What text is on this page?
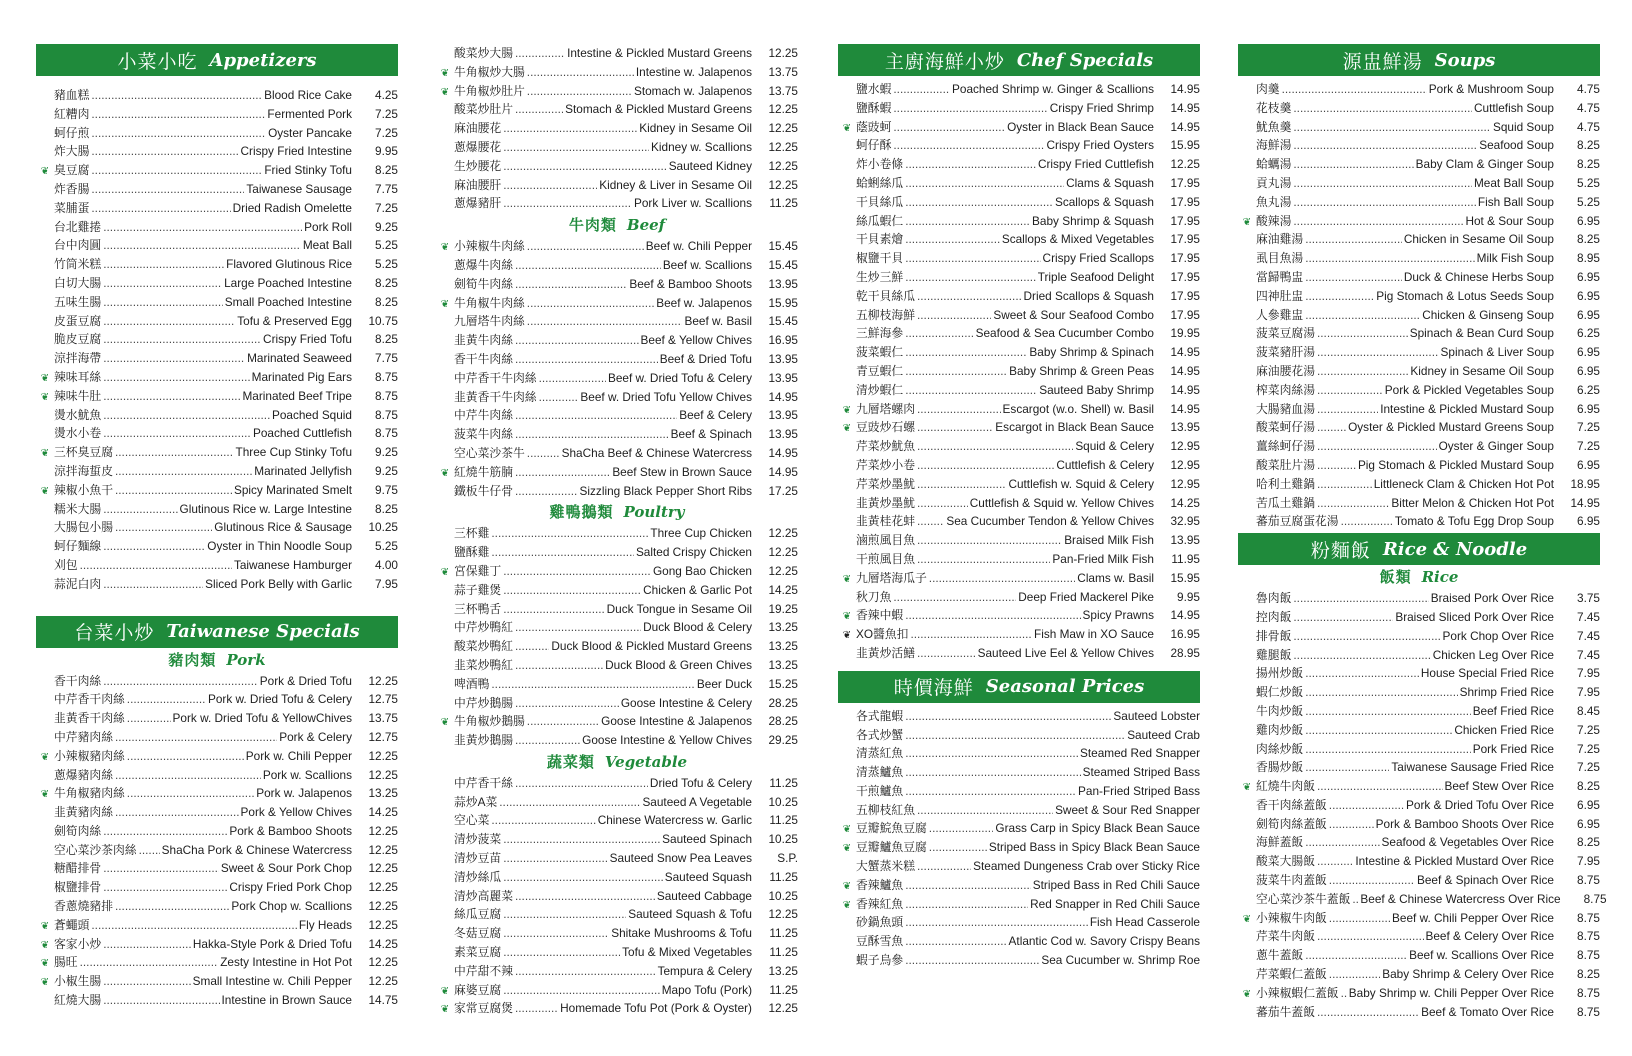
小菜小吃 Appetizers
豬血糕 .....	Blood Rice Cake	4.25
紅糟肉 .....	Fermented Pork	7.25
蚵仔煎 .....	Oyster Pancake	7.25
炸大腸 .....	Crispy Fried Intestine	9.95
❦ 臭豆腐 .....	Fried Stinky Tofu	8.25
炸香腸 .....	Taiwanese Sausage	7.75
菜脯蛋 .....	Dried Radish Omelette	7.25
台北雞捲 .....	Pork Roll	9.25
台中肉圓 .....	Meat Ball	5.25
竹筒米糕 .....	Flavored Glutinous Rice	5.25
白切大腸 .....	Large Poached Intestine	8.25
五味生腸 .....	Small Poached Intestine	8.25
皮蛋豆腐 .....	Tofu & Preserved Egg	10.75
脆皮豆腐 .....	Crispy Fried Tofu	8.25
涼拌海帶 .....	Marinated Seaweed	7.75
❦ 辣味耳絲 .....	Marinated Pig Ears	8.75
❦ 辣味牛肚 .....	Marinated Beef Tripe	8.75
燙水魷魚 .....	Poached Squid	8.75
燙水小卷 .....	Poached Cuttlefish	8.75
❦ 三杯臭豆腐 .....	Three Cup Stinky Tofu	9.25
涼拌海蜇皮 .....	Marinated Jellyfish	9.25
❦ 辣椒小魚干 .....	Spicy Marinated Smelt	9.75
糯米大腸 .....	Glutinous Rice w. Large Intestine	8.25
大腸包小腸 .....	Glutinous Rice & Sausage	10.25
蚵仔麵線 .....	Oyster in Thin Noodle Soup	5.25
刈包 .....	Taiwanese Hamburger	4.00
蒜泥白肉 .....	Sliced Pork Belly with Garlic	7.95
台菜小炒 Taiwanese Specials
豬肉類 Pork
香干肉絲 .....	Pork & Dried Tofu	12.25
中芹香干肉絲 .....	Pork w. Dried Tofu & Celery	12.75
韭黃香干肉絲 .....	Pork w. Dried Tofu & YellowChives	13.75
中芹豬肉絲 .....	Pork & Celery	12.75
❦ 小辣椒豬肉絲 .....	Pork w. Chili Pepper	12.25
蔥爆豬肉絲 .....	Pork w. Scallions	12.25
❦ 牛角椒豬肉絲 .....	Pork w. Jalapenos	13.25
韭黃豬肉絲 .....	Pork & Yellow Chives	14.25
劍筍肉絲 .....	Pork & Bamboo Shoots	12.25
空心菜沙茶肉絲 ..... ShaCha Pork & Chinese Watercress	12.25
糖醋排骨 .....	Sweet & Sour Pork Chop	12.25
椒鹽排骨 .....	Crispy Fried Pork Chop	12.25
香蔥燒豬排 .....	Pork Chop w. Scallions	12.25
❦ 蒼蠅頭 .....	Fly Heads	12.25
❦ 客家小炒 .....	Hakka-Style Pork & Dried Tofu	14.25
❦ 腸旺 .....	Zesty Intestine in Hot Pot	12.25
❦ 小椒生腸 .....	Small Intestine w. Chili Pepper	12.25
紅燒大腸 .....	Intestine in Brown Sauce	14.75
酸菜炒大腸 .....	Intestine & Pickled Mustard Greens	12.25
❦ 牛角椒炒大腸 .....	Intestine w. Jalapenos	13.75
❦ 牛角椒炒肚片 .....	Stomach w. Jalapenos	13.75
酸菜炒肚片 .....	Stomach & Pickled Mustard Greens	12.25
麻油腰花 .....	Kidney in Sesame Oil	12.25
蔥爆腰花 .....	Kidney w. Scallions	12.25
生炒腰花 .....	Sauteed Kidney	12.25
麻油腰肝 .....	Kidney & Liver in Sesame Oil	12.25
蔥爆豬肝 .....	Pork Liver w. Scallions	11.25
牛肉類 Beef
❦ 小辣椒牛肉絲 .....	Beef w. Chili Pepper	15.45
蔥爆牛肉絲 .....	Beef w. Scallions	15.45
劍筍牛肉絲 .....	Beef & Bamboo Shoots	13.95
❦ 牛角椒牛肉絲 .....	Beef w. Jalapenos	15.95
九層塔牛肉絲 .....	Beef w. Basil	15.45
韭黃牛肉絲 .....	Beef & Yellow Chives	16.95
香干牛肉絲 .....	Beef & Dried Tofu	13.95
中芹香干牛肉絲 .....	Beef w. Dried Tofu & Celery	13.95
韭黃香干牛肉絲 .....	Beef w. Dried Tofu Yellow Chives	14.95
中芹牛肉絲 .....	Beef & Celery	13.95
菠菜牛肉絲 .....	Beef & Spinach	13.95
空心菜沙茶牛 .....	ShaCha Beef & Chinese Watercress	14.95
❦ 紅燒牛筋腩 .....	Beef Stew in Brown Sauce	14.95
鐵板牛仔骨 .....	Sizzling Black Pepper Short Ribs	17.25
雞鴨鵝類 Poultry
三杯雞 .....	Three Cup Chicken	12.25
鹽酥雞 .....	Salted Crispy Chicken	12.25
❦ 宮保雞丁 .....	Gong Bao Chicken	12.25
蒜子雞煲 .....	Chicken & Garlic Pot	14.25
三杯鴨舌 .....	Duck Tongue in Sesame Oil	19.25
中芹炒鴨紅 .....	Duck Blood & Celery	13.25
酸菜炒鴨紅 .....	Duck Blood & Pickled Mustard Greens	13.25
韭菜炒鴨紅 .....	Duck Blood & Green Chives	13.25
啤酒鴨 .....	Beer Duck	15.25
中芹炒鵝腸 .....	Goose Intestine & Celery	28.25
❦ 牛角椒炒鵝腸 .....	Goose Intestine & Jalapenos	28.25
韭黃炒鵝腸 .....	Goose Intestine & Yellow Chives	29.25
蔬菜類 Vegetable
中芹香干絲 .....	Dried Tofu & Celery	11.25
蒜炒A菜 .....	Sauteed A Vegetable	10.25
空心菜 .....	Chinese Watercress w. Garlic	11.25
清炒菠菜 .....	Sauteed Spinach	10.25
清炒豆苗 .....	Sauteed Snow Pea Leaves	S.P.
清炒絲瓜 .....	Sauteed Squash	11.25
清炒高麗菜 .....	Sauteed Cabbage	10.25
絲瓜豆腐 .....	Sauteed Squash & Tofu	12.25
冬菇豆腐 .....	Shitake Mushrooms & Tofu	11.25
素菜豆腐 .....	Tofu & Mixed Vegetables	11.25
中芹甜不辣 .....	Tempura & Celery	13.25
❦ 麻婆豆腐 .....	Mapo Tofu (Pork)	11.25
❦ 家常豆腐煲 .....	Homemade Tofu Pot (Pork & Oyster)	12.25
主廚海鮮小炒 Chef Specials
鹽水蝦 .....	Poached Shrimp w. Ginger & Scallions	14.95
鹽酥蝦 .....	Crispy Fried Shrimp	14.95
❦ 蔭豉蚵 .....	Oyster in Black Bean Sauce	14.95
蚵仔酥 .....	Crispy Fried Oysters	15.95
炸小卷條 .....	Crispy Fried Cuttlefish	12.25
蛤蜊絲瓜 .....	Clams & Squash	17.95
干貝絲瓜 .....	Scallops & Squash	17.95
絲瓜蝦仁 .....	Baby Shrimp & Squash	17.95
干貝素燴 .....	Scallops & Mixed Vegetables	17.95
椒鹽干貝 .....	Crispy Fried Scallops	17.95
生炒三鮮 .....	Triple Seafood Delight	17.95
乾干貝絲瓜 .....	Dried Scallops & Squash	17.95
五柳枝海鮮 .....	Sweet & Sour Seafood Combo	17.95
三鮮海參 .....	Seafood & Sea Cucumber Combo	19.95
菠菜蝦仁 .....	Baby Shrimp & Spinach	14.95
青豆蝦仁 .....	Baby Shrimp & Green Peas	14.95
清炒蝦仁 .....	Sauteed Baby Shrimp	14.95
❦ 九層塔螺肉 .....	Escargot (w.o. Shell) w. Basil	14.95
❦ 豆豉炒石螺 .....	Escargot in Black Bean Sauce	13.95
芹菜炒魷魚 .....	Squid & Celery	12.95
芹菜炒小卷 .....	Cuttlefish & Celery	12.95
芹菜炒墨魷 .....	Cuttlefish w. Squid & Celery	12.95
韭黃炒墨魷 .....	Cuttlefish & Squid w. Yellow Chives	14.25
韭黃桂花蚌 .....	Sea Cucumber Tendon & Yellow Chives	32.95
滷煎風目魚 .....	Braised Milk Fish	13.95
干煎風目魚 .....	Pan-Fried Milk Fish	11.95
❦ 九層塔海瓜子 .....	Clams w. Basil	15.95
秋刀魚 .....	Deep Fried Mackerel Pike	9.95
❦ 香辣中蝦 .....	Spicy Prawns	14.95
❦ XO醬魚扣 .....	Fish Maw in XO Sauce	16.95
韭黃炒活鱔 .....	Sauteed Live Eel & Yellow Chives	28.95
時價海鮮 Seasonal Prices
各式龍蝦 .....	Sauteed Lobster
各式炒蟹 .....	Sauteed Crab
清蒸紅魚 .....	Steamed Red Snapper
清蒸鱸魚 .....	Steamed Striped Bass
干煎鱸魚 .....	Pan-Fried Striped Bass
五柳枝紅魚 .....	Sweet & Sour Red Snapper
❦ 豆瓣鯇魚豆腐 .....	Grass Carp in Spicy Black Bean Sauce
❦ 豆瓣鱸魚豆腐 .....	Striped Bass in Spicy Black Bean Sauce
大蟹蒸米糕 .....	Steamed Dungeness Crab over Sticky Rice
❦ 香辣鱸魚 .....	Striped Bass in Red Chili Sauce
❦ 香辣紅魚 .....	Red Snapper in Red Chili Sauce
砂鍋魚頭 .....	Fish Head Casserole
豆酥雪魚 .....	Atlantic Cod w. Savory Crispy Beans
蝦子烏參 .....	Sea Cucumber w. Shrimp Roe
源盅鮮湯 Soups
肉羹 .....	Pork & Mushroom Soup	4.75
花枝羹 .....	Cuttlefish Soup	4.75
魷魚羹 .....	Squid Soup	4.75
海鮮湯 .....	Seafood Soup	8.25
蛤蠣湯 .....	Baby Clam & Ginger Soup	8.25
貢丸湯 .....	Meat Ball Soup	5.25
魚丸湯 .....	Fish Ball Soup	5.25
❦ 酸辣湯 .....	Hot & Sour Soup	6.95
麻油雞湯 .....	Chicken in Sesame Oil Soup	8.25
虱目魚湯 .....	Milk Fish Soup	8.95
當歸鴨盅 .....	Duck & Chinese Herbs Soup	6.95
四神肚盅 .....	Pig Stomach & Lotus Seeds Soup	6.95
人參雞盅 .....	Chicken & Ginseng Soup	6.95
菠菜豆腐湯 .....	Spinach & Bean Curd Soup	6.25
菠菜豬肝湯 .....	Spinach & Liver Soup	6.95
麻油腰花湯 .....	Kidney in Sesame Oil Soup	6.95
榨菜肉絲湯 .....	Pork & Pickled Vegetables Soup	6.25
大腸豬血湯 .....	Intestine & Pickled Mustard Soup	6.95
酸菜蚵仔湯 .....	Oyster & Pickled Mustard Greens Soup	7.25
薑絲蚵仔湯 .....	Oyster & Ginger Soup	7.25
酸菜肚片湯 .....	Pig Stomach & Pickled Mustard Soup	6.95
哈利土雞鍋 .....	Littleneck Clam & Chicken Hot Pot	18.95
苦瓜土雞鍋 .....	Bitter Melon & Chicken Hot Pot	14.95
蕃茄豆腐蛋花湯 .....	Tomato & Tofu Egg Drop Soup	6.95
粉麵飯 Rice & Noodle
飯類 Rice
魯肉飯 .....	Braised Pork Over Rice	3.75
控肉飯 .....	Braised Sliced Pork Over Rice	7.45
排骨飯 .....	Pork Chop Over Rice	7.45
雞腿飯 .....	Chicken Leg Over Rice	7.45
揚州炒飯 .....	House Special Fried Rice	7.95
蝦仁炒飯 .....	Shrimp Fried Rice	7.95
牛肉炒飯 .....	Beef Fried Rice	8.45
雞肉炒飯 .....	Chicken Fried Rice	7.25
肉絲炒飯 .....	Pork Fried Rice	7.25
香腸炒飯 .....	Taiwanese Sausage Fried Rice	7.25
❦ 紅燒牛肉飯 .....	Beef Stew Over Rice	8.25
香干肉絲蓋飯 .....	Pork & Dried Tofu Over Rice	6.95
劍筍肉絲蓋飯 .....	Pork & Bamboo Shoots Over Rice	6.95
海鮮蓋飯 .....	Seafood & Vegetables Over Rice	8.25
酸菜大腸飯 .....	Intestine & Pickled Mustard Over Rice	7.95
菠菜牛肉蓋飯 .....	Beef & Spinach Over Rice	8.75
空心菜沙茶牛蓋飯 ..... Beef & Chinese Watercress Over Rice	8.75
❦ 小辣椒牛肉飯 .....	Beef w. Chili Pepper Over Rice	8.75
芹菜牛肉飯 .....	Beef & Celery Over Rice	8.75
蔥牛蓋飯 .....	Beef w. Scallions Over Rice	8.75
芹菜蝦仁蓋飯 .....	Baby Shrimp & Celery Over Rice	8.25
❦ 小辣椒蝦仁蓋飯 ..... Baby Shrimp w. Chili Pepper Over Rice	8.75
蕃茄牛蓋飯 .....	Beef & Tomato Over Rice	8.75
